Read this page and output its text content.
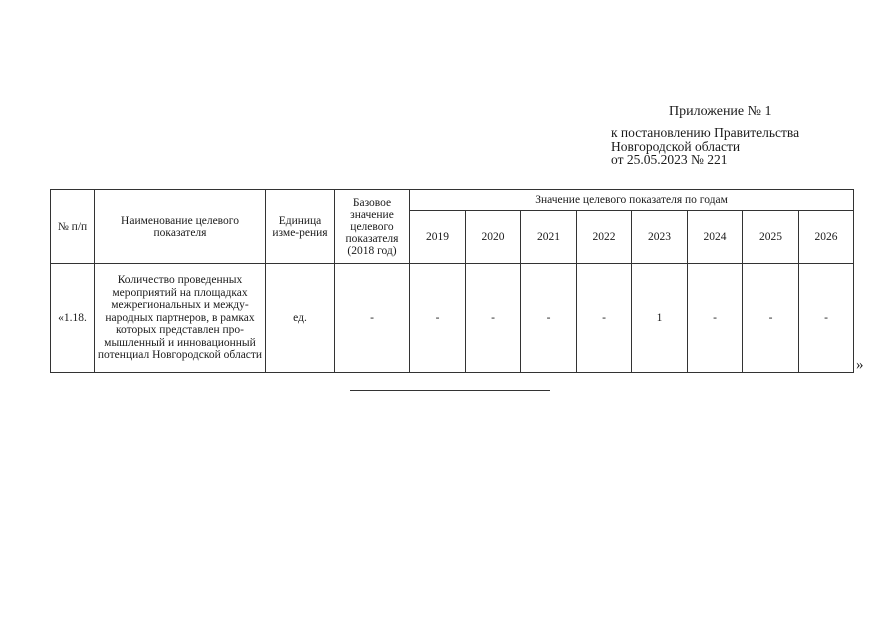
Приложение № 1
к постановлению Правительства
Новгородской области
от 25.05.2023 № 221
№ п/п	Наименование целевого показателя	Единица изме-рения	Базовое значение целевого показателя (2018 год)	Значение целевого показателя по годам							
				2019	2020	2021	2022	2023	2024	2025	2026
«1.18.	Количество проведенных мероприятий на площадках межрегиональных и между-народных партнеров, в рамках которых представлен про-мышленный и инновационный потенциал Новгородской области	ед.	-	-	-	-	-	1	-	-	-
»
